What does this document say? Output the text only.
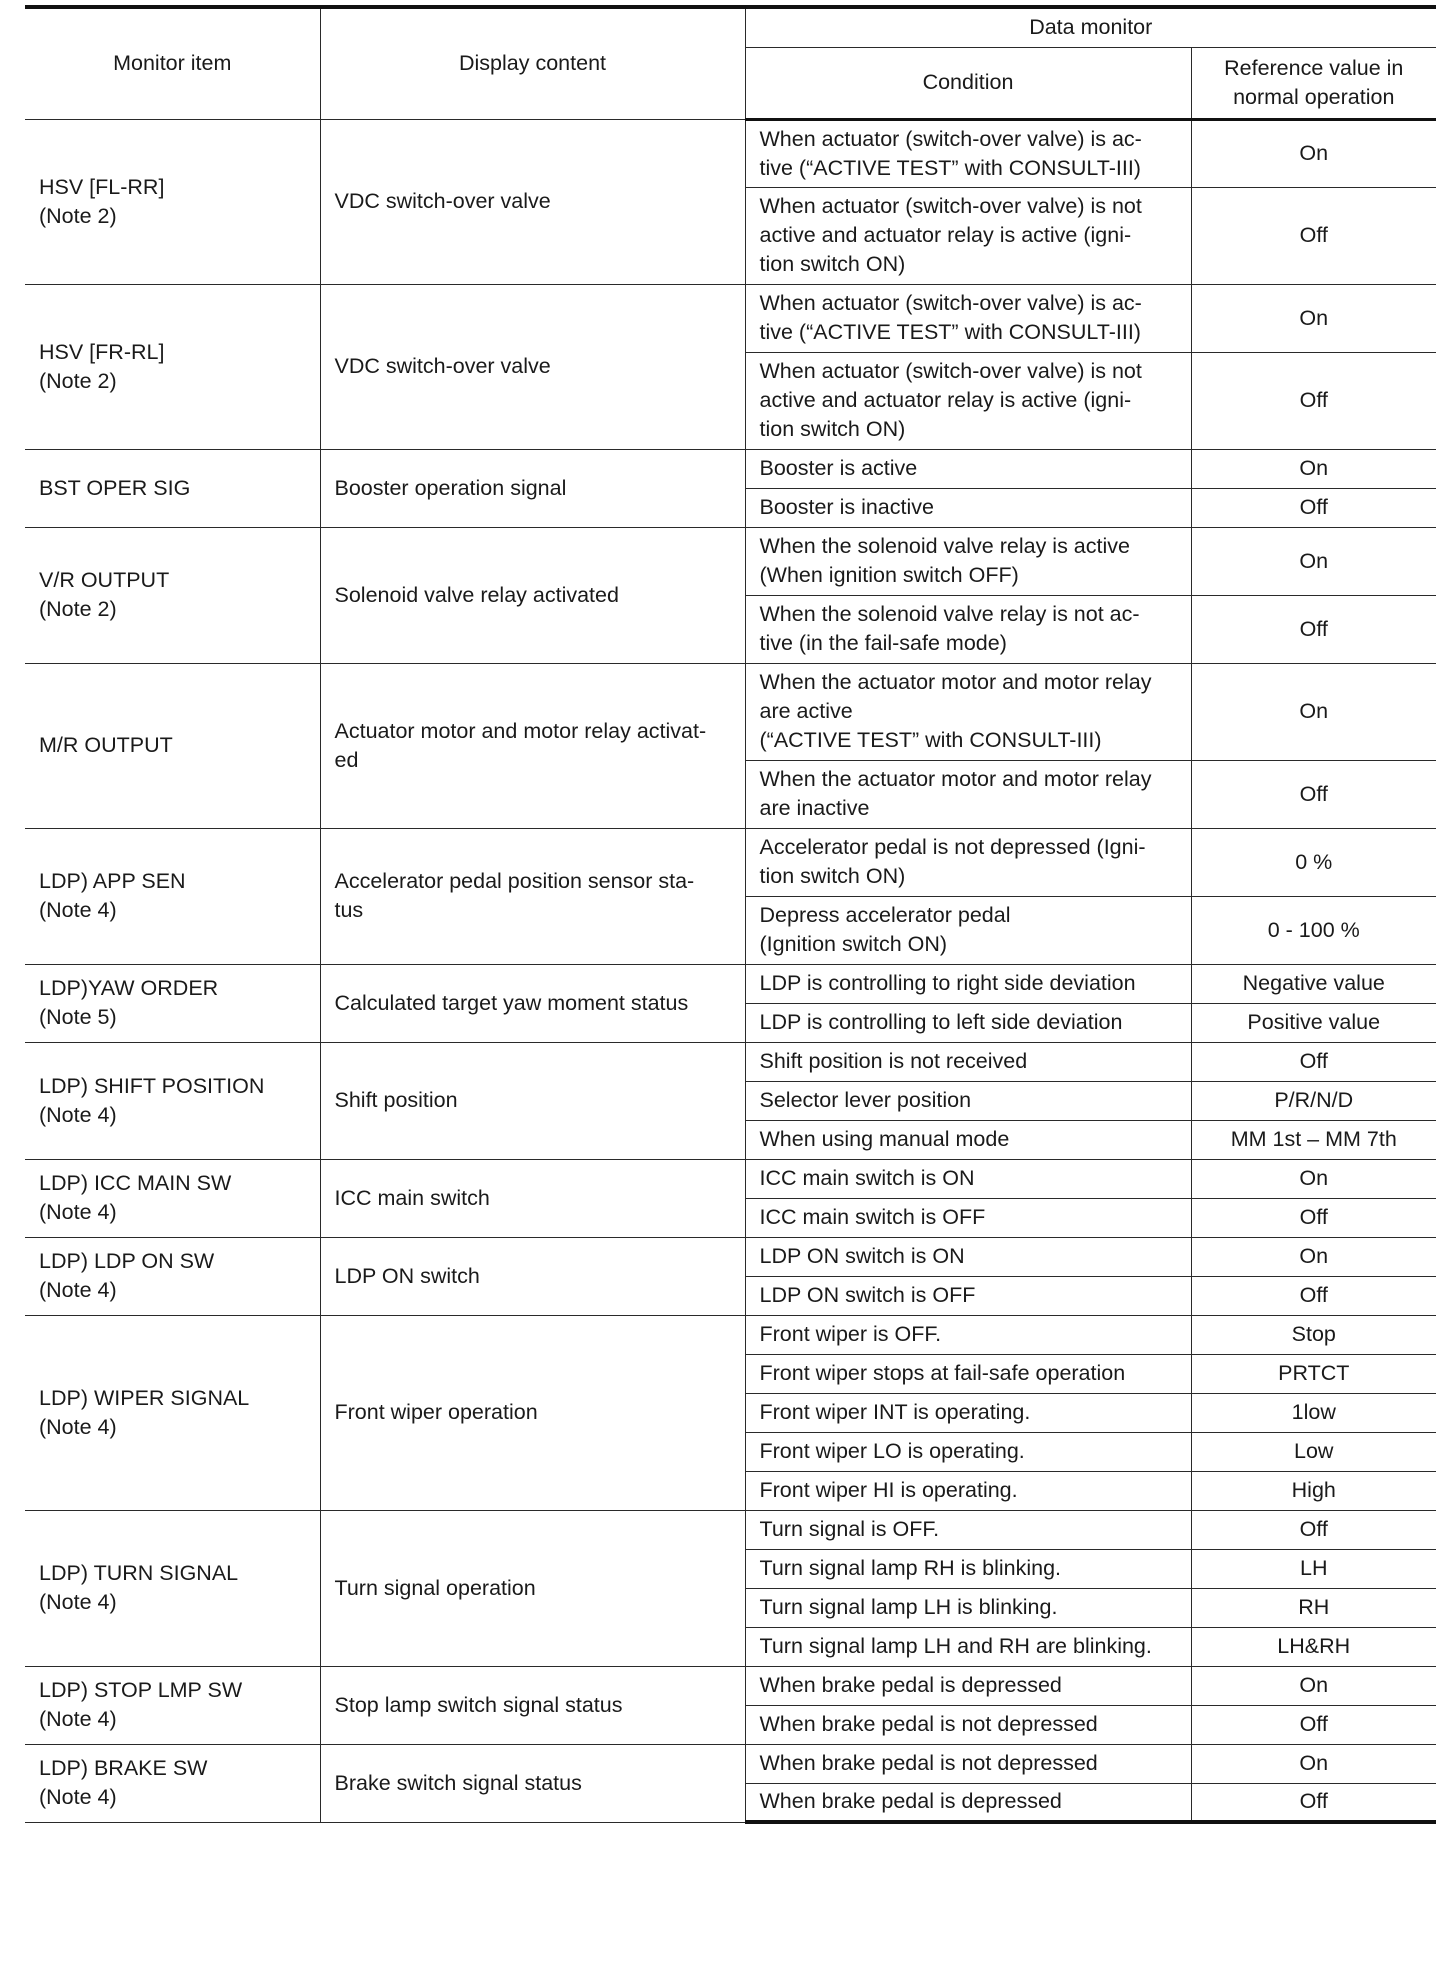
Monitor item	Display content	Data monitor	
		Condition	Reference value in
normal operation
HSV [FL-RR]
(Note 2)	VDC switch-over valve	When actuator (switch-over valve) is ac-
tive (“ACTIVE TEST” with CONSULT-III)	On
		When actuator (switch-over valve) is not
active and actuator relay is active (igni-
tion switch ON)	Off
HSV [FR-RL]
(Note 2)	VDC switch-over valve	When actuator (switch-over valve) is ac-
tive (“ACTIVE TEST” with CONSULT-III)	On
		When actuator (switch-over valve) is not
active and actuator relay is active (igni-
tion switch ON)	Off
BST OPER SIG	Booster operation signal	Booster is active	On
		Booster is inactive	Off
V/R OUTPUT
(Note 2)	Solenoid valve relay activated	When the solenoid valve relay is active
(When ignition switch OFF)	On
		When the solenoid valve relay is not ac-
tive (in the fail-safe mode)	Off
M/R OUTPUT	Actuator motor and motor relay activat-
ed	When the actuator motor and motor relay
are active
(“ACTIVE TEST” with CONSULT-III)	On
		When the actuator motor and motor relay
are inactive	Off
LDP) APP SEN
(Note 4)	Accelerator pedal position sensor sta-
tus	Accelerator pedal is not depressed (Igni-
tion switch ON)	0 %
		Depress accelerator pedal
(Ignition switch ON)	0 - 100 %
LDP)YAW ORDER
(Note 5)	Calculated target yaw moment status	LDP is controlling to right side deviation	Negative value
		LDP is controlling to left side deviation	Positive value
LDP) SHIFT POSITION
(Note 4)	Shift position	Shift position is not received	Off
		Selector lever position	P/R/N/D
		When using manual mode	MM 1st – MM 7th
LDP) ICC MAIN SW
(Note 4)	ICC main switch	ICC main switch is ON	On
		ICC main switch is OFF	Off
LDP) LDP ON SW
(Note 4)	LDP ON switch	LDP ON switch is ON	On
		LDP ON switch is OFF	Off
LDP) WIPER SIGNAL
(Note 4)	Front wiper operation	Front wiper is OFF.	Stop
		Front wiper stops at fail-safe operation	PRTCT
		Front wiper INT is operating.	1low
		Front wiper LO is operating.	Low
		Front wiper HI is operating.	High
LDP) TURN SIGNAL
(Note 4)	Turn signal operation	Turn signal is OFF.	Off
		Turn signal lamp RH is blinking.	LH
		Turn signal lamp LH is blinking.	RH
		Turn signal lamp LH and RH are blinking.	LH&RH
LDP) STOP LMP SW
(Note 4)	Stop lamp switch signal status	When brake pedal is depressed	On
		When brake pedal is not depressed	Off
LDP) BRAKE SW
(Note 4)	Brake switch signal status	When brake pedal is not depressed	On
		When brake pedal is depressed	Off
